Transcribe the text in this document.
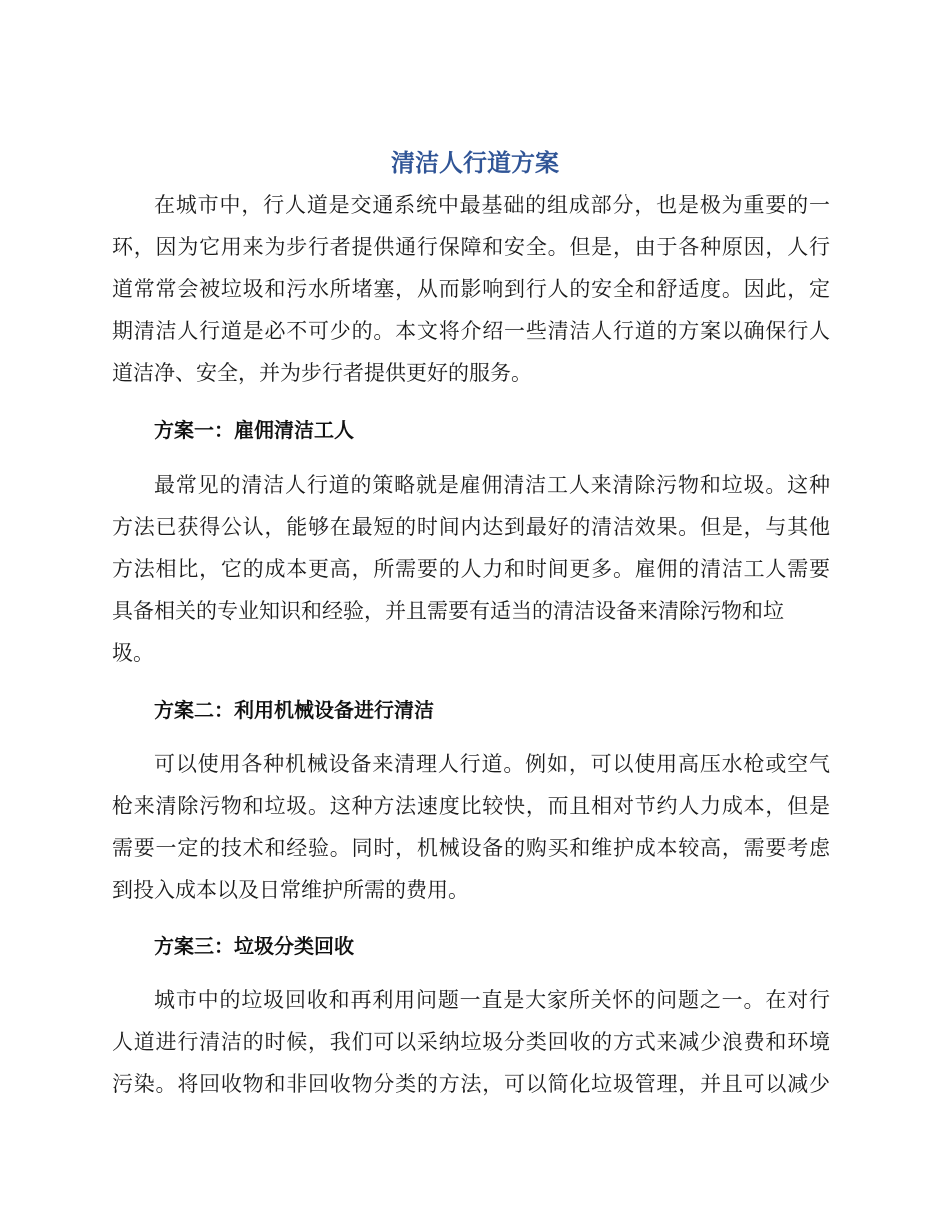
清洁人行道方案

在城市中，行人道是交通系统中最基础的组成部分，也是极为重要的一
环，因为它用来为步行者提供通行保障和安全。但是，由于各种原因，人行
道常常会被垃圾和污水所堵塞，从而影响到行人的安全和舒适度。因此，定
期清洁人行道是必不可少的。本文将介绍一些清洁人行道的方案以确保行人
道洁净、安全，并为步行者提供更好的服务。

方案一：雇佣清洁工人

最常见的清洁人行道的策略就是雇佣清洁工人来清除污物和垃圾。这种
方法已获得公认，能够在最短的时间内达到最好的清洁效果。但是，与其他
方法相比，它的成本更高，所需要的人力和时间更多。雇佣的清洁工人需要
具备相关的专业知识和经验，并且需要有适当的清洁设备来清除污物和垃
圾。

方案二：利用机械设备进行清洁

可以使用各种机械设备来清理人行道。例如，可以使用高压水枪或空气
枪来清除污物和垃圾。这种方法速度比较快，而且相对节约人力成本，但是
需要一定的技术和经验。同时，机械设备的购买和维护成本较高，需要考虑
到投入成本以及日常维护所需的费用。

方案三：垃圾分类回收

城市中的垃圾回收和再利用问题一直是大家所关怀的问题之一。在对行
人道进行清洁的时候，我们可以采纳垃圾分类回收的方式来减少浪费和环境
污染。将回收物和非回收物分类的方法，可以简化垃圾管理，并且可以减少
